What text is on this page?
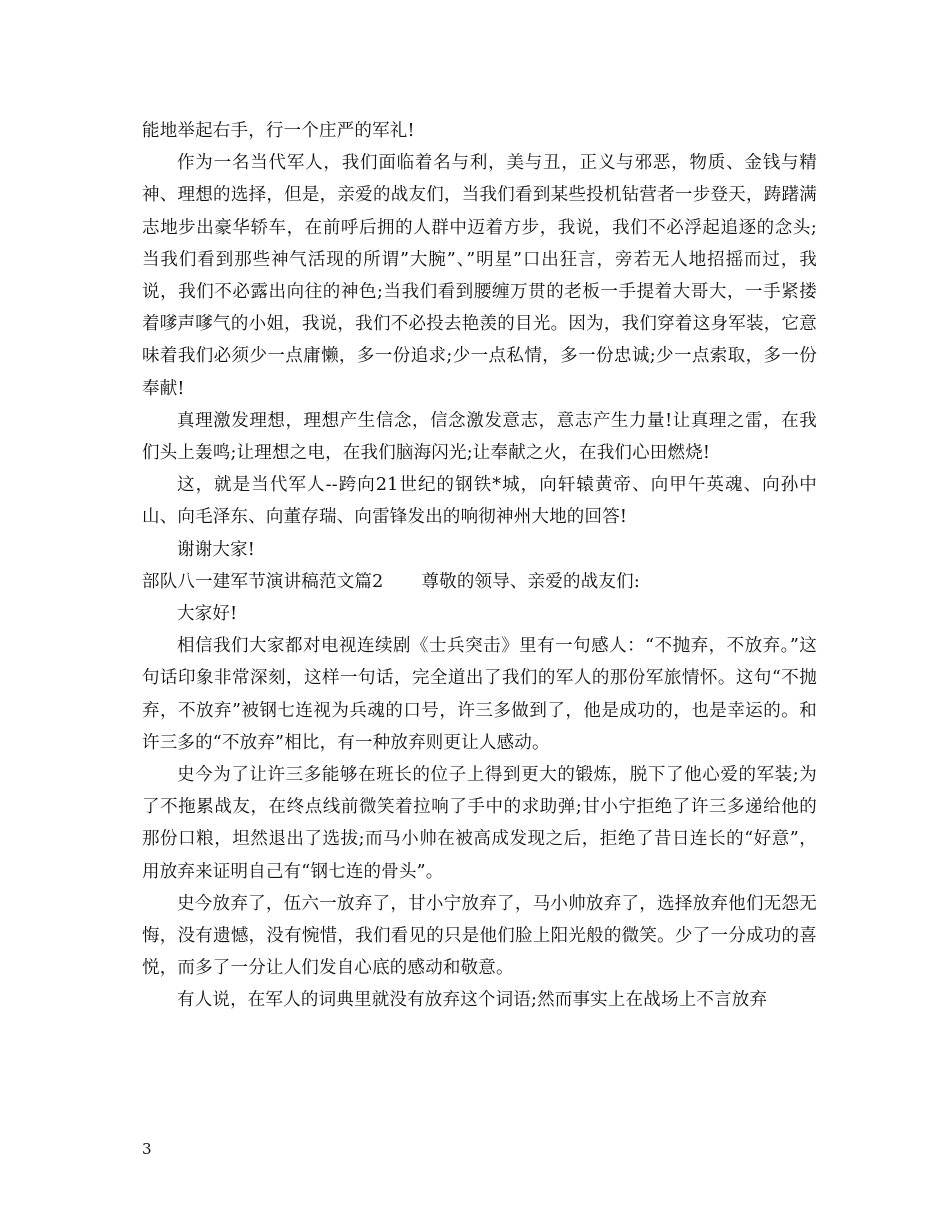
能地举起右手，行一个庄严的军礼!

作为一名当代军人，我们面临着名与利，美与丑，正义与邪恶，物质、金钱与精神、理想的选择，但是，亲爱的战友们，当我们看到某些投机钻营者一步登天，踌躇满志地步出豪华轿车，在前呼后拥的人群中迈着方步，我说，我们不必浮起追逐的念头;当我们看到那些神气活现的所谓”大腕”、”明星”口出狂言，旁若无人地招摇而过，我说，我们不必露出向往的神色;当我们看到腰缠万贯的老板一手提着大哥大，一手紧搂着嗲声嗲气的小姐，我说，我们不必投去艳羡的目光。因为，我们穿着这身军装，它意味着我们必须少一点庸懒，多一份追求;少一点私情，多一份忠诚;少一点索取，多一份奉献!

真理激发理想，理想产生信念，信念激发意志，意志产生力量!让真理之雷，在我们头上轰鸣;让理想之电，在我们脑海闪光;让奉献之火，在我们心田燃烧!

这，就是当代军人--跨向21世纪的钢铁*城，向轩辕黄帝、向甲午英魂、向孙中山、向毛泽东、向董存瑞、向雷锋发出的响彻神州大地的回答!

谢谢大家!

部队八一建军节演讲稿范文篇2 尊敬的领导、亲爱的战友们:

大家好!

相信我们大家都对电视连续剧《士兵突击》里有一句感人：“不抛弃，不放弃。”这句话印象非常深刻，这样一句话，完全道出了我们的军人的那份军旅情怀。这句“不抛弃，不放弃”被钢七连视为兵魂的口号，许三多做到了，他是成功的，也是幸运的。和许三多的“不放弃”相比，有一种放弃则更让人感动。

史今为了让许三多能够在班长的位子上得到更大的锻炼，脱下了他心爱的军装;为了不拖累战友，在终点线前微笑着拉响了手中的求助弹;甘小宁拒绝了许三多递给他的那份口粮，坦然退出了选拔;而马小帅在被高成发现之后，拒绝了昔日连长的“好意”，用放弃来证明自己有“钢七连的骨头”。

史今放弃了，伍六一放弃了，甘小宁放弃了，马小帅放弃了，选择放弃他们无怨无悔，没有遗憾，没有惋惜，我们看见的只是他们脸上阳光般的微笑。少了一分成功的喜悦，而多了一分让人们发自心底的感动和敬意。

有人说，在军人的词典里就没有放弃这个词语;然而事实上在战场上不言放弃

3
